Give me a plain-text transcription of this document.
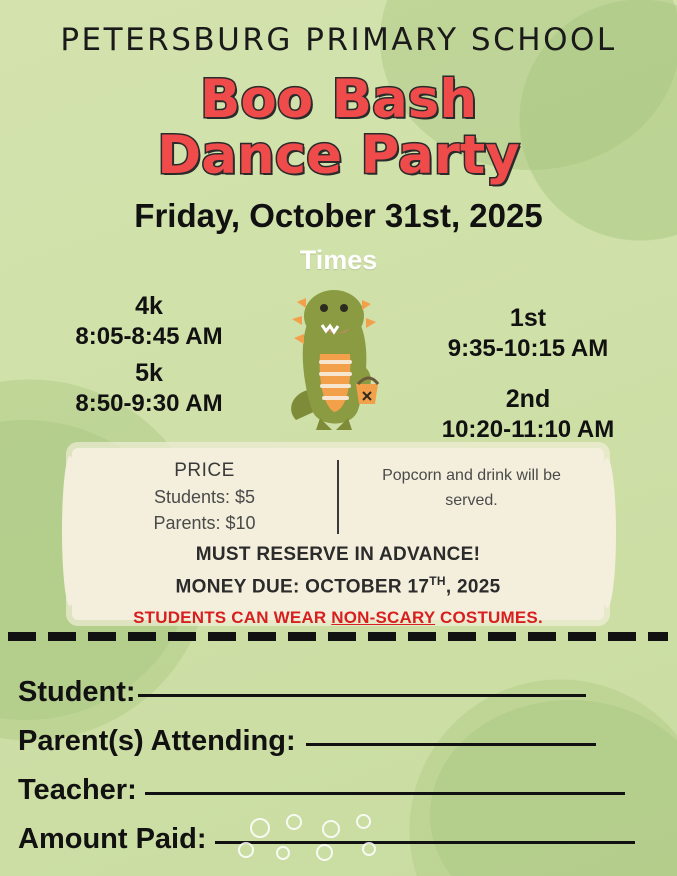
PETERSBURG PRIMARY SCHOOL
Boo Bash
Dance Party
Friday, October 31st, 2025
Times
4k
8:05-8:45 AM
5k
8:50-9:30 AM
1st
9:35-10:15 AM
2nd
10:20-11:10 AM
PRICE
Students: $5
Parents: $10
Popcorn and drink will be served.
MUST RESERVE IN ADVANCE!
MONEY DUE: OCTOBER 17TH, 2025
STUDENTS CAN WEAR NON-SCARY COSTUMES.
Student:
Parent(s) Attending:
Teacher:
Amount Paid:
